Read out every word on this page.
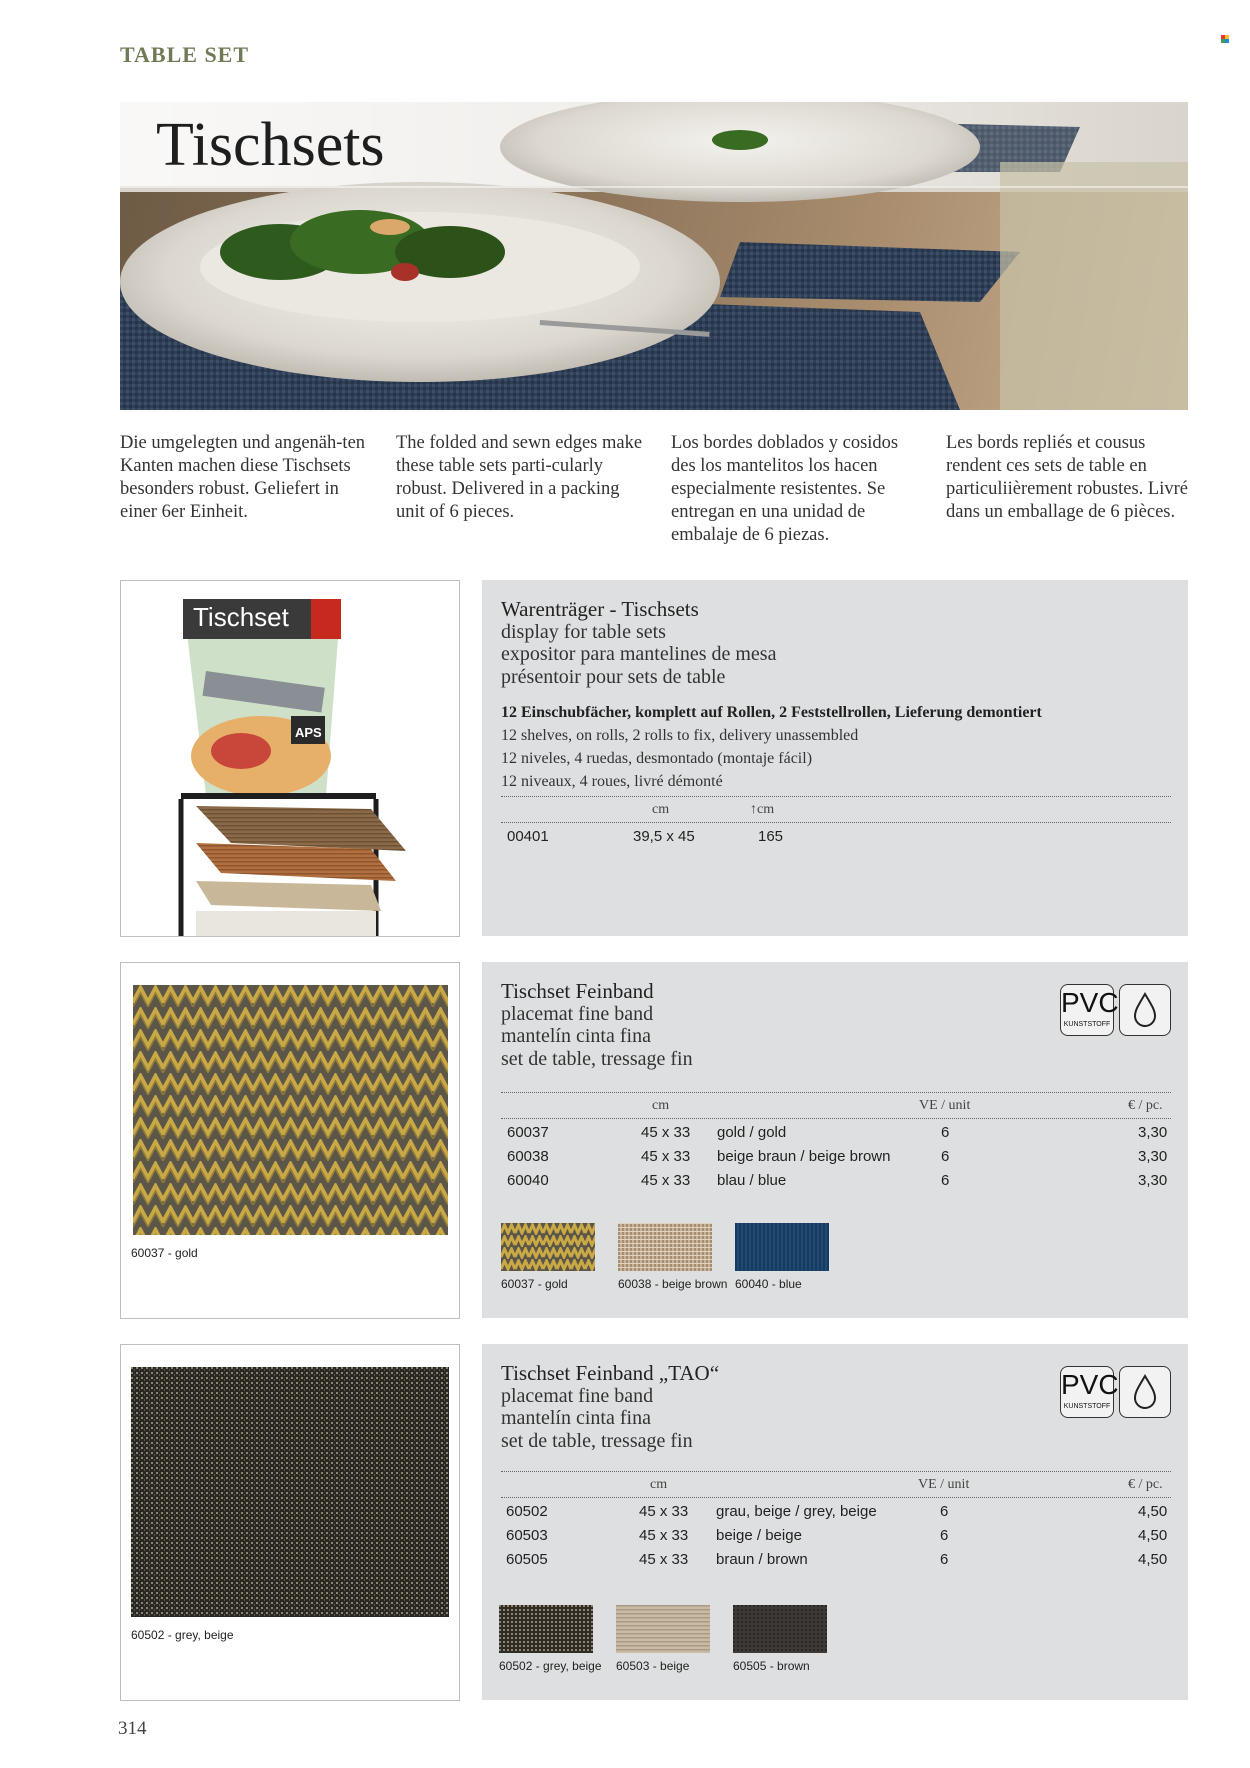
TABLE SET
Tischsets
Die umgelegten und angenäh-ten Kanten machen diese Tischsets besonders robust. Geliefert in einer 6er Einheit.
The folded and sewn edges make these table sets parti-cularly robust. Delivered in a packing unit of 6 pieces.
Los bordes doblados y cosidos des los mantelitos los hacen especialmente resistentes. Se entregan en una unidad de embalaje de 6 piezas.
Les bords repliés et cousus rendent ces sets de table en particuliièrement robustes. Livré dans un emballage de 6 pièces.
Tischset
APS
Warenträger - Tischsets
display for table sets
expositor para mantelines de mesa
présentoir pour sets de table
12 Einschubfächer, komplett auf Rollen, 2 Feststellrollen, Lieferung demontiert
12 shelves, on rolls, 2 rolls to fix, delivery unassembled
12 niveles, 4 ruedas, desmontado (montaje fácil)
12 niveaux, 4 roues, livré démonté
cm	↑cm
00401	39,5 x 45	165
60037 - gold
Tischset Feinband
placemat fine band
mantelín cinta fina
set de table, tressage fin
PVC
KUNSTSTOFF
cm	VE / unit	€ / pc.
60037	45 x 33 gold / gold	6	3,30
60038	45 x 33 beige braun / beige brown	6	3,30
60040	45 x 33 blau / blue	6	3,30
60037 - gold	60038 - beige brown 60040 - blue
60502 - grey, beige
Tischset Feinband „TAO“
placemat fine band
mantelín cinta fina
set de table, tressage fin
PVC
KUNSTSTOFF
cm	VE / unit	€ / pc.
60502	45 x 33 grau, beige / grey, beige	6	4,50
60503	45 x 33 beige / beige	6	4,50
60505	45 x 33 braun / brown	6	4,50
60502 - grey, beige 60503 - beige	60505 - brown
314
